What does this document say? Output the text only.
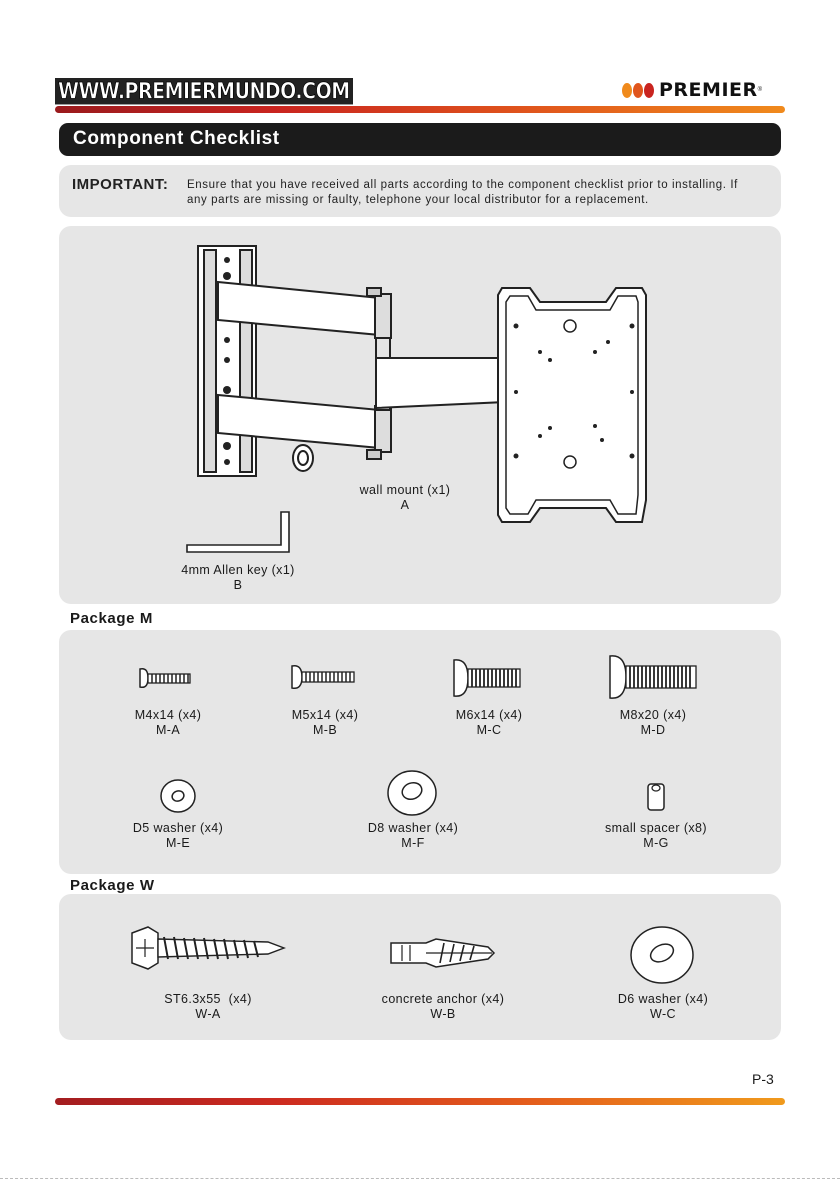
WWW.PREMIERMUNDO.COM	PREMIER ®
Component Checklist
IMPORTANT: Ensure that you have received all parts according to the component checklist prior to installing. If
any parts are missing or faulty, telephone your local distributor for a replacement.
wall mount (x1)
A
4mm Allen key (x1)
B
Package M
M4x14 (x4)
M-A
M5x14 (x4)
M-B
M6x14 (x4)
M-C
M8x20 (x4)
M-D
D5 washer (x4)
M-E
D8 washer (x4)
M-F
small spacer (x8)
M-G
Package W
ST6.3x55  (x4)
W-A
concrete anchor (x4)
W-B
D6 washer (x4)
W-C
P-3
